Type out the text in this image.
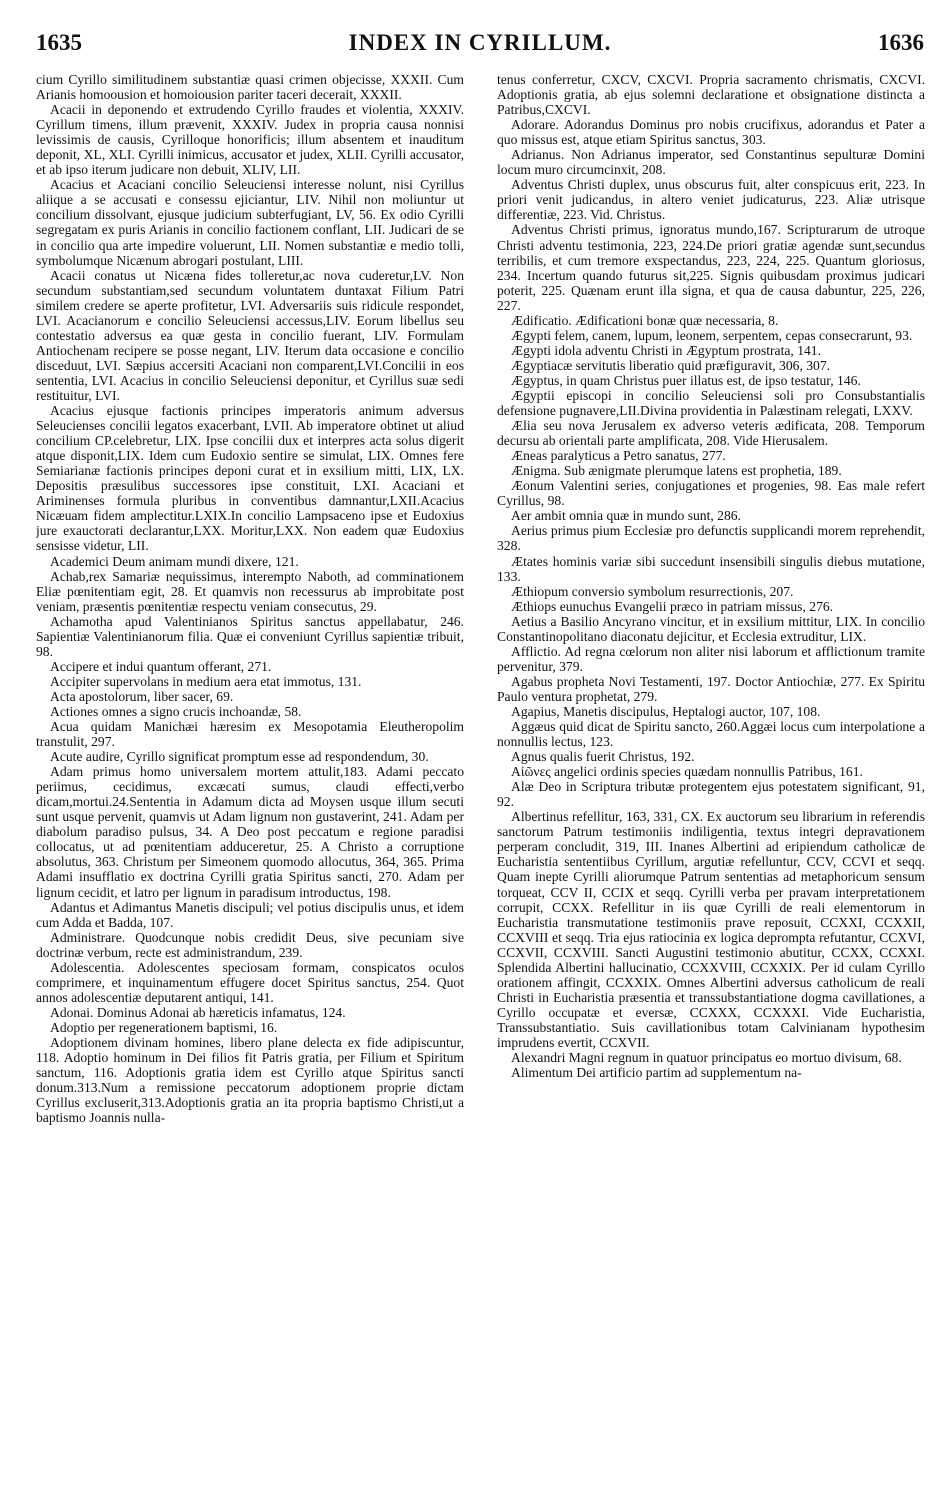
1635	INDEX IN CYRILLUM.	1636

cium Cyrillo similitudinem substantiæ quasi crimen objecisse, XXXII. Cum Arianis homoousion et homoiousion pariter taceri decerait, XXXII.

Acacii in deponendo et extrudendo Cyrillo fraudes et violentia, XXXIV. Cyrillum timens, illum prævenit, XXXIV. Judex in propria causa nonnisi levissimis de causis, Cyrilloque honorificis; illum absentem et inauditum deponit, XL, XLI. Cyrilli inimicus, accusator et judex, XLII. Cyrilli accusator, et ab ipso iterum judicare non debuit, XLIV, LII.

Acacius et Acaciani concilio Seleuciensi interesse nolunt, nisi Cyrillus aliique a se accusati e consessu ejiciantur, LIV. Nihil non moliuntur ut concilium dissolvant, ejusque judicium subterfugiant, LV, 56. Ex odio Cyrilli segregatam ex puris Arianis in concilio factionem conflant, LII. Judicari de se in concilio qua arte impedire voluerunt, LII. Nomen substantiæ e medio tolli, symbolumque Nicænum abrogari postulant, LIII.

Acacii conatus ut Nicæna fides tolleretur,ac nova cuderetur,LV. Non secundum substantiam,sed secundum voluntatem duntaxat Filium Patri similem credere se aperte profitetur, LVI. Adversariis suis ridicule respondet, LVI. Acacianorum e concilio Seleuciensi accessus,LIV. Eorum libellus seu contestatio adversus ea quæ gesta in concilio fuerant, LIV. Formulam Antiochenam recipere se posse negant, LIV. Iterum data occasione e concilio disceduut, LVI. Sæpius accersiti Acaciani non comparent,LVI.Concilii in eos sententia, LVI. Acacius in concilio Seleuciensi deponitur, et Cyrillus suæ sedi restituitur, LVI.

Acacius ejusque factionis principes imperatoris animum adversus Seleucienses concilii legatos exacerbant, LVII. Ab imperatore obtinet ut aliud concilium CP.celebretur, LIX. Ipse concilii dux et interpres acta solus digerit atque disponit,LIX. Idem cum Eudoxio sentire se simulat, LIX. Omnes fere Semiarianæ factionis principes deponi curat et in exsilium mitti, LIX, LX. Depositis præsulibus successores ipse constituit, LXI. Acaciani et Ariminenses formula pluribus in conventibus damnantur,LXII.Acacius Nicæuam fidem amplectitur.LXIX.In concilio Lampsaceno ipse et Eudoxius jure exauctorati declarantur,LXX. Moritur,LXX. Non eadem quæ Eudoxius sensisse videtur, LII.

Academici Deum animam mundi dixere, 121.

Achab,rex Samariæ nequissimus, interempto Naboth, ad comminationem Eliæ pœnitentiam egit, 28. Et quamvis non recessurus ab improbitate post veniam, præsentis pœnitentiæ respectu veniam consecutus, 29.

Achamotha apud Valentinianos Spiritus sanctus appellabatur, 246. Sapientiæ Valentinianorum filia. Quæ ei conveniunt Cyrillus sapientiæ tribuit, 98.

Accipere et indui quantum offerant, 271.

Accipiter supervolans in medium aera etat immotus, 131.

Acta apostolorum, liber sacer, 69.

Actiones omnes a signo crucis inchoandæ, 58.

Acua quidam Manichæi hæresim ex Mesopotamia Eleutheropolim transtulit, 297.

Acute audire, Cyrillo significat promptum esse ad respondendum, 30.

Adam primus homo universalem mortem attulit,183. Adami peccato periimus, cecidimus, excæcati sumus, claudi effecti,verbo dicam,mortui.24.Sententia in Adamum dicta ad Moysen usque illum secuti sunt usque pervenit, quamvis ut Adam lignum non gustaverint, 241. Adam per diabolum paradiso pulsus, 34. A Deo post peccatum e regione paradisi collocatus, ut ad pœnitentiam adduceretur, 25. A Christo a corruptione absolutus, 363. Christum per Simeonem quomodo allocutus, 364, 365. Prima Adami insufflatio ex doctrina Cyrilli gratia Spiritus sancti, 270. Adam per lignum cecidit, et latro per lignum in paradisum introductus, 198.

Adantus et Adimantus Manetis discipuli; vel potius discipulis unus, et idem cum Adda et Badda, 107.

Administrare. Quodcunque nobis credidit Deus, sive pecuniam sive doctrinæ verbum, recte est administrandum, 239.

Adolescentia. Adolescentes speciosam formam, conspicatos oculos comprimere, et inquinamentum effugere docet Spiritus sanctus, 254. Quot annos adolescentiæ deputarent antiqui, 141.

Adonai. Dominus Adonai ab hæreticis infamatus, 124.

Adoptio per regenerationem baptismi, 16.

Adoptionem divinam homines, libero plane delecta ex fide adipiscuntur, 118. Adoptio hominum in Dei filios fit Patris gratia, per Filium et Spiritum sanctum, 116. Adoptionis gratia idem est Cyrillo atque Spiritus sancti donum.313.Num a remissione peccatorum adoptionem proprie dictam Cyrillus excluserit,313.Adoptionis gratia an ita propria baptismo Christi,ut a baptismo Joannis nulla-

tenus conferretur, CXCV, CXCVI. Propria sacramento chrismatis, CXCVI. Adoptionis gratia, ab ejus solemni declaratione et obsignatione distincta a Patribus,CXCVI.

Adorare. Adorandus Dominus pro nobis crucifixus, adorandus et Pater a quo missus est, atque etiam Spiritus sanctus, 303.

Adrianus. Non Adrianus imperator, sed Constantinus sepulturæ Domini locum muro circumcinxit, 208.

Adventus Christi duplex, unus obscurus fuit, alter conspicuus erit, 223. In priori venit judicandus, in altero veniet judicaturus, 223. Aliæ utrisque differentiæ, 223. Vid. Christus.

Adventus Christi primus, ignoratus mundo,167. Scripturarum de utroque Christi adventu testimonia, 223, 224.De priori gratiæ agendæ sunt,secundus terribilis, et cum tremore exspectandus, 223, 224, 225. Quantum gloriosus, 234. Incertum quando futurus sit,225. Signis quibusdam proximus judicari poterit, 225. Quænam erunt illa signa, et qua de causa dabuntur, 225, 226, 227.

Ædificatio. Ædificationi bonæ quæ necessaria, 8.

Ægypti felem, canem, lupum, leonem, serpentem, cepas consecrarunt, 93.

Ægypti idola adventu Christi in Ægyptum prostrata, 141.

Ægyptiacæ servitutis liberatio quid præfiguravit, 306, 307.

Ægyptus, in quam Christus puer illatus est, de ipso testatur, 146.

Ægyptii episcopi in concilio Seleuciensi soli pro Consubstantialis defensione pugnavere,LII.Divina providentia in Palæstinam relegati, LXXV.

Ælia seu nova Jerusalem ex adverso veteris ædificata, 208. Temporum decursu ab orientali parte amplificata, 208. Vide Hierusalem.

Æneas paralyticus a Petro sanatus, 277.

Ænigma. Sub ænigmate plerumque latens est prophetia, 189.

Æonum Valentini series, conjugationes et progenies, 98. Eas male refert Cyrillus, 98.

Aer ambit omnia quæ in mundo sunt, 286.

Aerius primus pium Ecclesiæ pro defunctis supplicandi morem reprehendit, 328.

Ætates hominis variæ sibi succedunt insensibili singulis diebus mutatione, 133.

Æthiopum conversio symbolum resurrectionis, 207.

Æthiops eunuchus Evangelii præco in patriam missus, 276.

Aetius a Basilio Ancyrano vincitur, et in exsilium mittitur, LIX. In concilio Constantinopolitano diaconatu dejicitur, et Ecclesia extruditur, LIX.

Afflictio. Ad regna cœlorum non aliter nisi laborum et afflictionum tramite pervenitur, 379.

Agabus propheta Novi Testamenti, 197. Doctor Antiochiæ, 277. Ex Spiritu Paulo ventura prophetat, 279.

Agapius, Manetis discipulus, Heptalogi auctor, 107, 108.

Aggæus quid dicat de Spiritu sancto, 260.Aggæi locus cum interpolatione a nonnullis lectus, 123.

Agnus qualis fuerit Christus, 192.

Αἰῶνες angelici ordinis species quædam nonnullis Patribus, 161.

Alæ Deo in Scriptura tributæ protegentem ejus potestatem significant, 91, 92.

Albertinus refellitur, 163, 331, CX. Ex auctorum seu librarium in referendis sanctorum Patrum testimoniis indiligentia, textus integri depravationem perperam concludit, 319, III. Inanes Albertini ad eripiendum catholicæ de Eucharistia sententiibus Cyrillum, argutiæ refelluntur, CCV, CCVI et seqq. Quam inepte Cyrilli aliorumque Patrum sententias ad metaphoricum sensum torqueat, CCV II, CCIX et seqq. Cyrilli verba per pravam interpretationem corrupit, CCXX. Refellitur in iis quæ Cyrilli de reali elementorum in Eucharistia transmutatione testimoniis prave reposuit, CCXXI, CCXXII, CCXVIII et seqq. Tria ejus ratiocinia ex logica deprompta refutantur, CCXVI, CCXVII, CCXVIII. Sancti Augustini testimonio abutitur, CCXX, CCXXI. Splendida Albertini hallucinatio, CCXXVIII, CCXXIX. Per id culam Cyrillo orationem affingit, CCXXIX. Omnes Albertini adversus catholicum de reali Christi in Eucharistia præsentia et transsubstantiatione dogma cavillationes, a Cyrillo occupatæ et eversæ, CCXXX, CCXXXI. Vide Eucharistia, Transsubstantiatio. Suis cavillationibus totam Calvinianam hypothesim imprudens evertit, CCXVII.

Alexandri Magni regnum in quatuor principatus eo mortuo divisum, 68.

Alimentum Dei artificio partim ad supplementum na-
